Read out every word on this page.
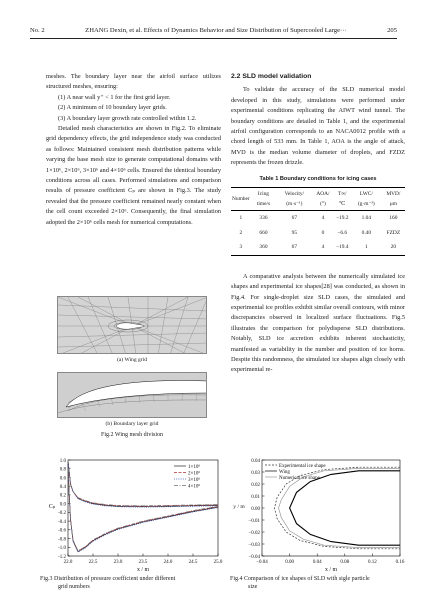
No. 2	ZHANG Dexin, et al. Effects of Dynamics Behavior and Size Distribution of Supercooled Large···	205

meshes. The boundary layer near the airfoil surface utilizes structured meshes, ensuring:

(1) A near wall y⁺ < 1 for the first grid layer.

(2) A minimum of 10 boundary layer grids.

(3) A boundary layer growth rate controlled within 1.2.

Detailed mesh characteristics are shown in Fig.2. To eliminate grid dependency effects, the grid independence study was conducted as follows: Maintained consistent mesh distribution patterns while varying the base mesh size to generate computational domains with 1×10⁶, 2×10⁶, 3×10⁶ and 4×10⁶ cells. Ensured the identical boundary conditions across all cases. Performed simulations and comparison results of pressure coefficient Cₚ are shown in Fig.3. The study revealed that the pressure coefficient remained nearly constant when the cell count exceeded 2×10⁶. Consequently, the final simulation adopted the 2×10⁶ cells mesh for numerical computations.

(a) Wing grid
(b) Boundary layer grid
Fig.2 Wing mesh division
2.2 SLD model validation

To validate the accuracy of the SLD numerical model developed in this study, simulations were performed under experimental conditions replicating the AIWT wind tunnel. The boundary conditions are detailed in Table 1, and the experimental airfoil configuration corresponds to an NACA0012 profile with a chord length of 533 mm. In Table 1, AOA is the angle of attack, MVD is the median volume diameter of droplets, and FZDZ represents the frozen drizzle.

Table 1 Boundary conditions for icing cases
Number	Icing time/s	Velocity/ (m·s⁻¹)	AOA/ (°)	T∞/ ℃	LWC/ (g·m⁻³)	MVD/ μm
1	336	67	4	−19.2	1.04	160
2	660	95	0	−6.6	0.40	FZDZ
3	360	67	4	−19.4	1	20

A comparative analysis between the numerically simulated ice shapes and experimental ice shapes[28] was conducted, as shown in Fig.4. For single-droplet size SLD cases, the simulated and experimental ice profiles exhibit similar overall contours, with minor discrepancies observed in localized surface fluctuations. Fig.5 illustrates the comparison for polydisperse SLD distributions. Notably, SLD ice accretion exhibits inherent stochasticity, manifested as variability in the number and position of ice horns. Despite this randomness, the simulated ice shapes align closely with experimental re-

1.0
0.8
0.6
0.4
0.2
0.0
-0.2
-0.4
-0.6
-0.8
-1.0
-1.2
22.0	22.5	23.0	23.5	24.0	24.5	25.0
Cₚ
x / m
1×10⁶
2×10⁶
3×10⁶
4×10⁶
Fig.3 Distribution of pressure coefficient under different
grid numbers
0.04
0.03
0.02
0.01
0.00
−0.01
−0.02
−0.03
−0.04
−0.04	0.00	0.04	0.08	0.12	0.16
y / m
x / m
Experimental ice shape
Wing
Numerical ice shape
Fig.4 Comparison of ice shapes of SLD with sigle particle
size
